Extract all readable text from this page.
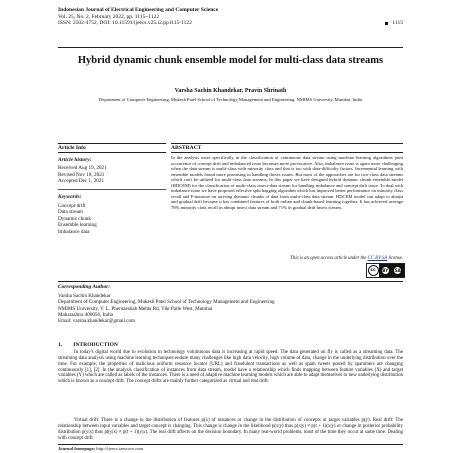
Indonesian Journal of Electrical Engineering and Computer Science
Vol. 25, No. 2, February 2022, pp. 1115~1122
ISSN: 2502-4752, DOI: 10.11591/ijeecs.v25.i2.pp1115-1122	1115
Hybrid dynamic chunk ensemble model for multi-class data streams
Varsha Sachin Khandekar, Pravin Shrinath
Department of Computer Engineering, Mukesh Patel School of Technology Management and Engineering, NMIMS University, Mumbai, India
Article Info
Article history:
Received Aug 19, 2021
Revised Nov 18, 2021
Accepted Dec 1, 2021
Keywords:
Concept drift
Data stream
Dynamic chunk
Ensemble learning
Imbalance data
ABSTRACT
In the analysis more specifically in the classification of continuous data stream using machine learning algorithms joint occurrence of concept drift and imbalanced issue becomes more provocative. Also, imbalance issue is again more challenging when the data stream is multi-class with minority class and that is too with data-difficulty factors. Incremental learning with ensemble models found more promising in handling theses issues. But most of the approaches are for two-class data streams which can't be utilized for multi-class data streams. In this paper we have designed hybrid dynamic chunk ensemble model (HDCEM) for the classification of multi-class insect-data stream for handling imbalance and concept drift issue. To deal with imbalance issue we have proposed effective split bagging algorithm which has improved better performance on minority class recall and F-measure on arriving dynamic chunks of data from multi-class data stream. HDCEM model can adapt to abrupt and gradual drift because it has combined features of both online and chunk-based learning together. It has achieved average 78% minority class recall in abrupt insect data stream and 71% in gradual drift insect stream.
This is an open access article under the CC BY-SA license.
cc	BY SA
Corresponding Author:
Varsha Sachin Khandekar
Department of Computer Engineering, Mukesh Patel School of Technology Management and Engineering
NMIMS University, V. L. Pherozeshah Mehta Rd, Vile Parle West, Mumbai
Maharashtra 400056, India
Email: varsha.khandekar@gmail.com
1. INTRODUCTION
In today's digital world due to evolution in technology voluminous data is increasing at rapid speed. The data generated on fly is called as a streaming data. The streaming data analysis using machine learning techniques endure many challenges like high data velocity, high volume of data, change in the underlying distribution over the time. For example, the properties of malicious uniform resource locator (URL) and fraudulent transactions as well as spam tweets posted by spammers are changing continuously [1], [2]. In the analysis classification of instances from data stream, model have a relationship which finds mapping between feature variables (X) and target variables (Y) which are called as labels of the instances. There is a need of adaptive machine learning models which are able to adapt themselves to new underlying distribution which is known as a concept drift. The concept drifts are mainly further categorized as virtual and real drift.
Virtual drift: There is a change in the distribution of features p(x) of instances or change in the distribution of concepts or target variables p(y). Real drift: The relationship between input variables and target concept is changing. This change is change in the likelihood p(x|y) thus p(x|y) ≠ p(t + 1)(x|y) or change in posterior probability distribution p(y|x) thus pt(y|x) ≠ p(t + 1)(y|x). The real drift affects on the decision boundary. In many real-world problems, most of the time they occur at same time. Dealing with concept drift
Journal homepage: http://ijeecs.iaescore.com
